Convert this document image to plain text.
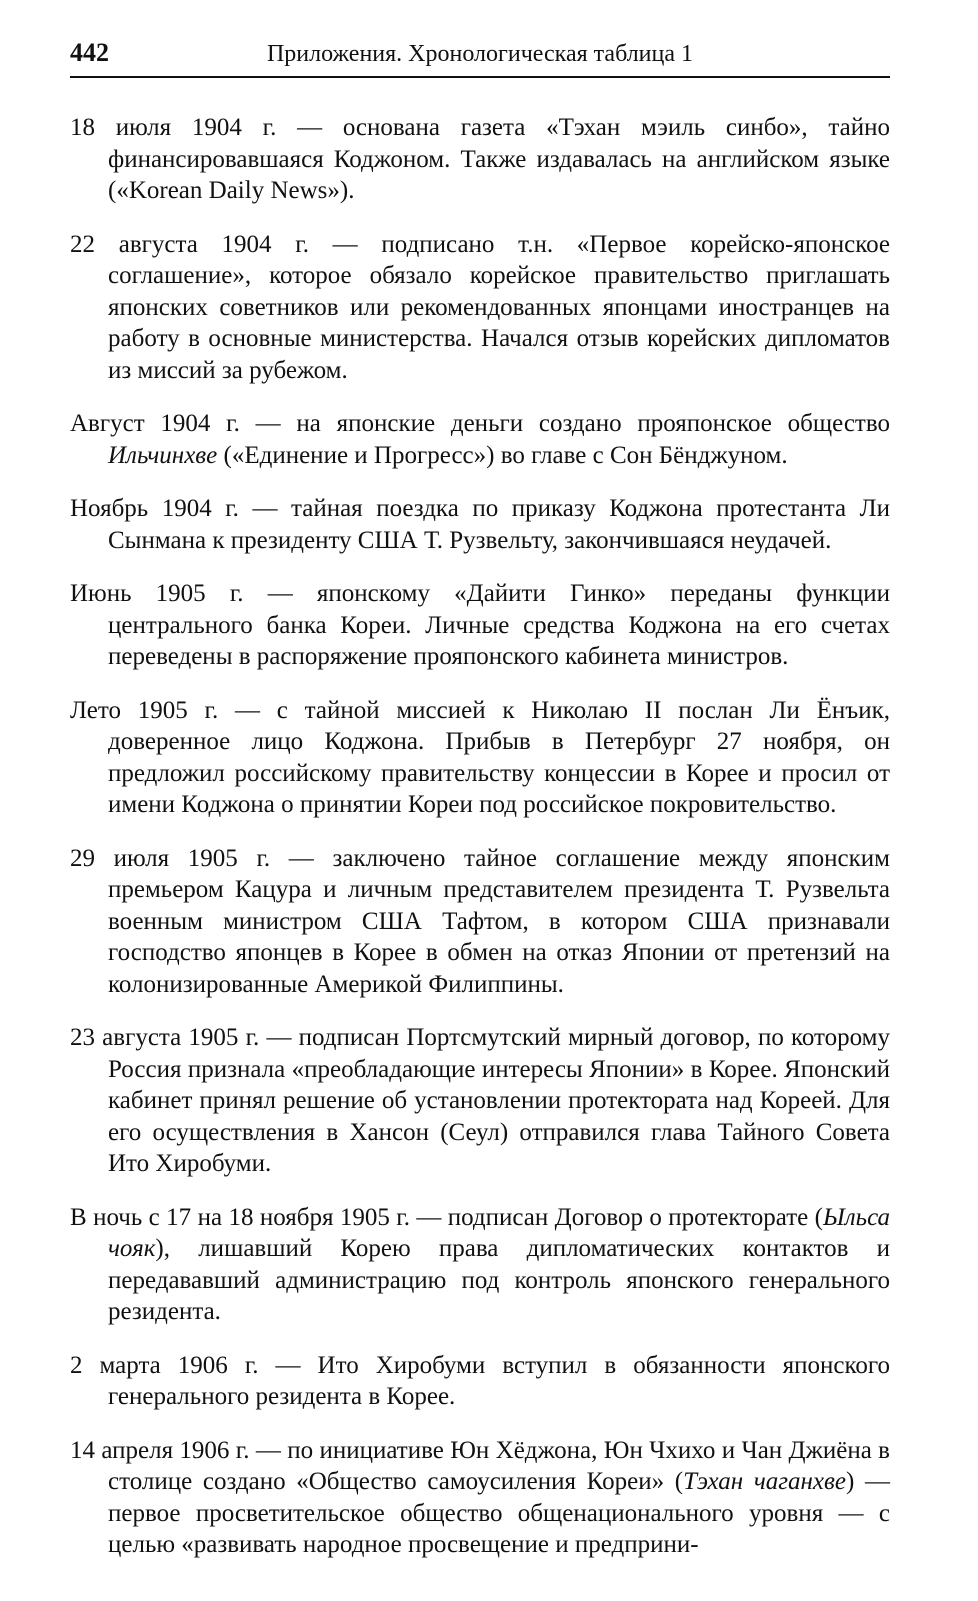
442	Приложения. Хронологическая таблица 1

18 июля 1904 г. — основана газета «Тэхан мэиль синбо», тайно финансировавшаяся Коджоном. Также издавалась на английском языке («Korean Daily News»).

22 августа 1904 г. — подписано т.н. «Первое корейско-японское соглашение», которое обязало корейское правительство приглашать японских советников или рекомендованных японцами иностранцев на работу в основные министерства. Начался отзыв корейских дипломатов из миссий за рубежом.

Август 1904 г. — на японские деньги создано прояпонское общество Ильчинхве («Единение и Прогресс») во главе с Сон Бёнджуном.

Ноябрь 1904 г. — тайная поездка по приказу Коджона протестанта Ли Сынмана к президенту США Т. Рузвельту, закончившаяся неудачей.

Июнь 1905 г. — японскому «Дайити Гинко» переданы функции центрального банка Кореи. Личные средства Коджона на его счетах переведены в распоряжение прояпонского кабинета министров.

Лето 1905 г. — с тайной миссией к Николаю II послан Ли Ёнъик, доверенное лицо Коджона. Прибыв в Петербург 27 ноября, он предложил российскому правительству концессии в Корее и просил от имени Коджона о принятии Кореи под российское покровительство.

29 июля 1905 г. — заключено тайное соглашение между японским премьером Кацура и личным представителем президента Т. Рузвельта военным министром США Тафтом, в котором США признавали господство японцев в Корее в обмен на отказ Японии от претензий на колонизированные Америкой Филиппины.

23 августа 1905 г. — подписан Портсмутский мирный договор, по которому Россия признала «преобладающие интересы Японии» в Корее. Японский кабинет принял решение об установлении протектората над Кореей. Для его осуществления в Хансон (Сеул) отправился глава Тайного Совета Ито Хиробуми.

В ночь с 17 на 18 ноября 1905 г. — подписан Договор о протекторате (Ыльса чояк), лишавший Корею права дипломатических контактов и передававший администрацию под контроль японского генерального резидента.

2 марта 1906 г. — Ито Хиробуми вступил в обязанности японского генерального резидента в Корее.

14 апреля 1906 г. — по инициативе Юн Хёджона, Юн Чхихо и Чан Джиёна в столице создано «Общество самоусиления Кореи» (Тэхан чаганхве) — первое просветительское общество общенационального уровня — с целью «развивать народное просвещение и предприни-
